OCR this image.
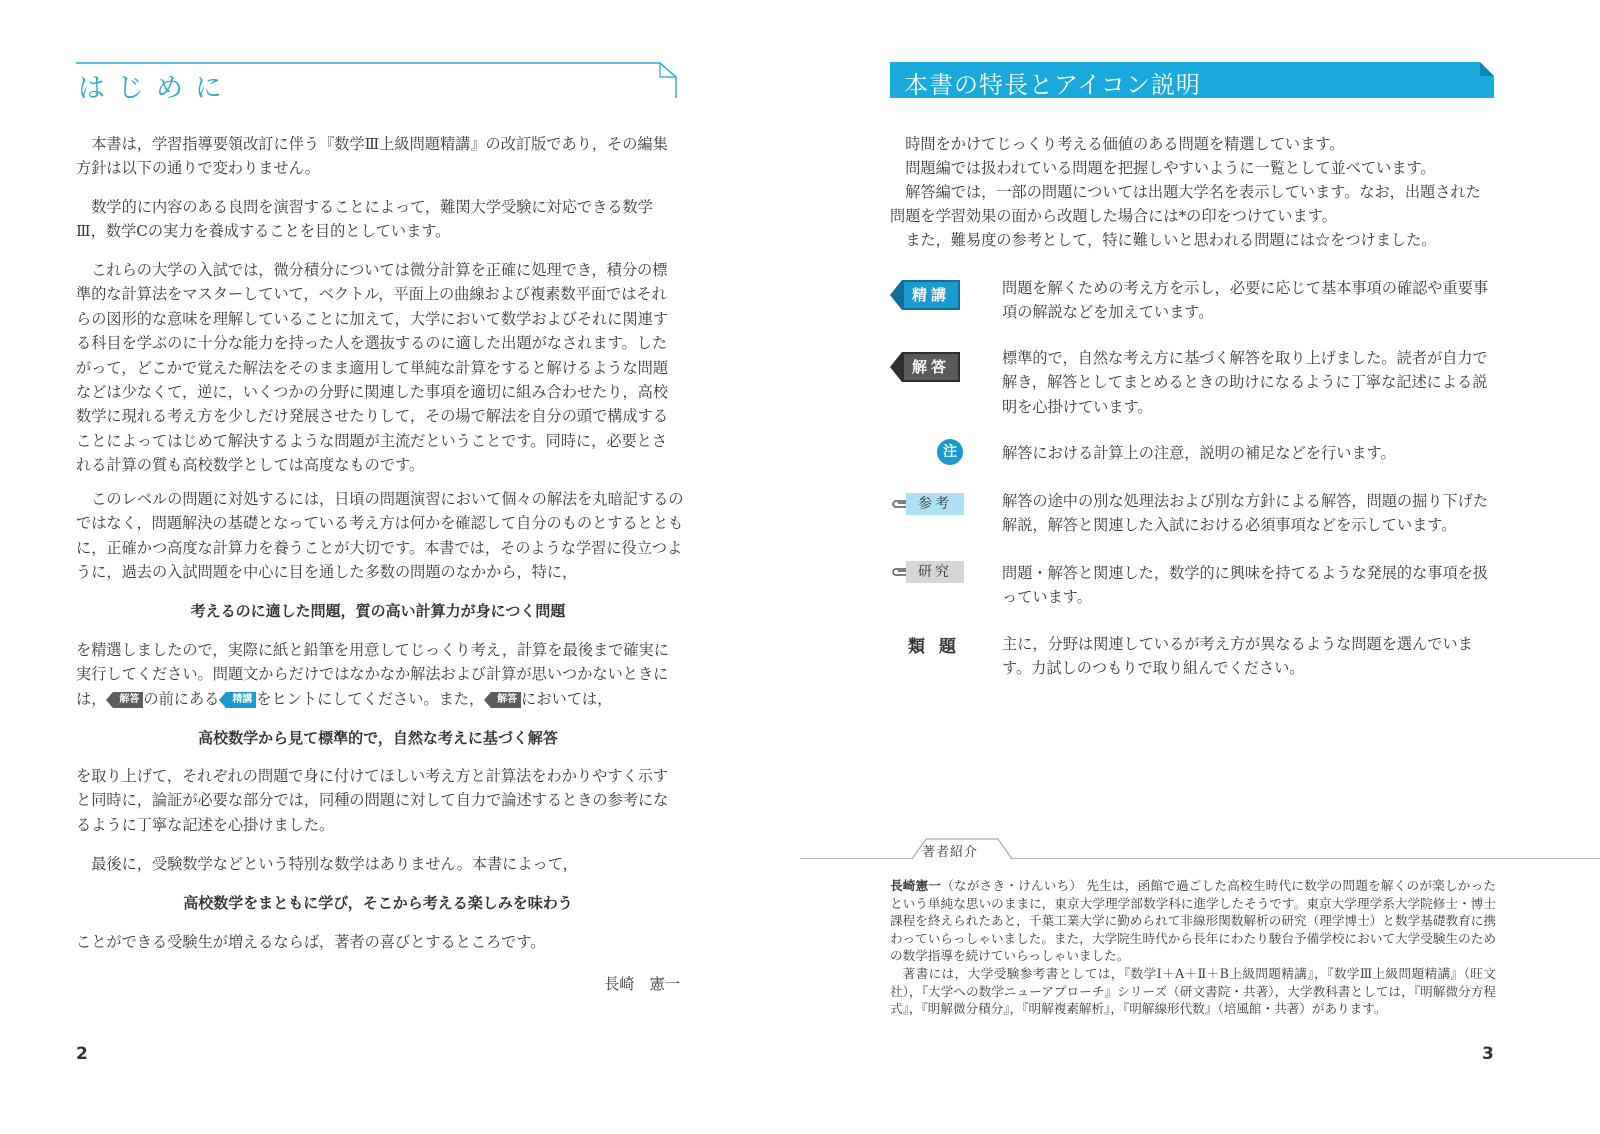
はじめに
本書は，学習指導要領改訂に伴う『数学Ⅲ上級問題精講』の改訂版であり，その編集方針は以下の通りで変わりません。
数学的に内容のある良問を演習することによって，難関大学受験に対応できる数学Ⅲ，数学Cの実力を養成することを目的としています。
これらの大学の入試では，微分積分については微分計算を正確に処理でき，積分の標準的な計算法をマスターしていて，ベクトル，平面上の曲線および複素数平面ではそれらの図形的な意味を理解していることに加えて，大学において数学およびそれに関連する科目を学ぶのに十分な能力を持った人を選抜するのに適した出題がなされます。したがって，どこかで覚えた解法をそのまま適用して単純な計算をすると解けるような問題などは少なくて，逆に，いくつかの分野に関連した事項を適切に組み合わせたり，高校数学に現れる考え方を少しだけ発展させたりして，その場で解法を自分の頭で構成することによってはじめて解決するような問題が主流だということです。同時に，必要とされる計算の質も高校数学としては高度なものです。
このレベルの問題に対処するには，日頃の問題演習において個々の解法を丸暗記するのではなく，問題解決の基礎となっている考え方は何かを確認して自分のものとするとともに，正確かつ高度な計算力を養うことが大切です。本書では，そのような学習に役立つように，過去の入試問題を中心に目を通した多数の問題のなかから，特に，
考えるのに適した問題，質の高い計算力が身につく問題
を精選しましたので，実際に紙と鉛筆を用意してじっくり考え，計算を最後まで確実に実行してください。問題文からだけではなかなか解法および計算が思いつかないときには， 解答 の前にある 精講 をヒントにしてください。また， 解答 においては，
高校数学から見て標準的で，自然な考えに基づく解答
を取り上げて，それぞれの問題で身に付けてほしい考え方と計算法をわかりやすく示すと同時に，論証が必要な部分では，同種の問題に対して自力で論述するときの参考になるように丁寧な記述を心掛けました。
最後に，受験数学などという特別な数学はありません。本書によって，
高校数学をまともに学び，そこから考える楽しみを味わう
ことができる受験生が増えるならば，著者の喜びとするところです。
長崎　憲一
2
本書の特長とアイコン説明
時間をかけてじっくり考える価値のある問題を精選しています。
問題編では扱われている問題を把握しやすいように一覧として並べています。
解答編では，一部の問題については出題大学名を表示しています。なお，出題された問題を学習効果の面から改題した場合には*の印をつけています。
また，難易度の参考として，特に難しいと思われる問題には☆をつけました。
精講	問題を解くための考え方を示し，必要に応じて基本事項の確認や重要事項の解説などを加えています。
解答	標準的で，自然な考え方に基づく解答を取り上げました。読者が自力で解き，解答としてまとめるときの助けになるように丁寧な記述による説明を心掛けています。
注	解答における計算上の注意，説明の補足などを行います。
参考	解答の途中の別な処理法および別な方針による解答，問題の掘り下げた解説，解答と関連した入試における必須事項などを示しています。
研究	問題・解答と関連した，数学的に興味を持てるような発展的な事項を扱っています。
類題 主に，分野は関連しているが考え方が異なるような問題を選んでいます。力試しのつもりで取り組んでください。
著者紹介
長崎憲一（ながさき・けんいち） 先生は，函館で過ごした高校生時代に数学の問題を解くのが楽しかったという単純な思いのままに，東京大学理学部数学科に進学したそうです。東京大学理学系大学院修士・博士課程を終えられたあと，千葉工業大学に勤められて非線形関数解析の研究（理学博士）と数学基礎教育に携わっていらっしゃいました。また，大学院生時代から長年にわたり駿台予備学校において大学受験生のための数学指導を続けていらっしゃいました。
著書には，大学受験参考書としては，『数学Ⅰ＋A＋Ⅱ＋B上級問題精講』，『数学Ⅲ上級問題精講』（旺文社），『大学への数学ニューアプローチ』シリーズ（研文書院・共著），大学教科書としては，『明解微分方程式』，『明解微分積分』，『明解複素解析』，『明解線形代数』（培風館・共著）があります。
3
